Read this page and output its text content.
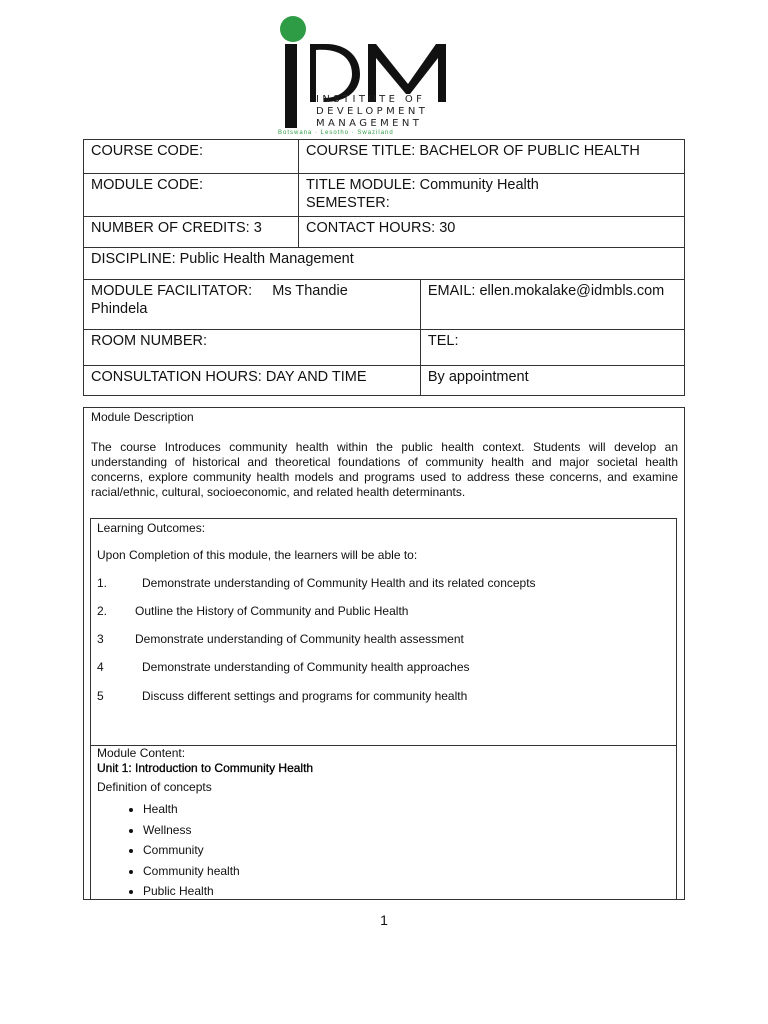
INSTITUTE OF
DEVELOPMENT
MANAGEMENT
Botswana · Lesotho · Swaziland
COURSE CODE:	COURSE TITLE: BACHELOR OF PUBLIC HEALTH	
MODULE CODE:	TITLE MODULE: Community Health
SEMESTER:	

NUMBER OF CREDITS: 3	CONTACT HOURS: 30	
DISCIPLINE: Public Health Management		

MODULE FACILITATOR:     Ms Thandie
Phindela		EMAIL: ellen.mokalake@idmbls.com
ROOM NUMBER:		TEL:
CONSULTATION HOURS: DAY AND TIME		By appointment
Module Description
The course Introduces community health within the public health context. Students will develop an understanding of historical and theoretical foundations of community health and major societal health concerns, explore community health models and programs used to address these concerns, and examine racial/ethnic, cultural, socioeconomic, and related health determinants.
Learning Outcomes:
Upon Completion of this module, the learners will be able to:
1.	Demonstrate understanding of Community Health and its related concepts
2. Outline the History of Community and Public Health
3	Demonstrate understanding of Community health assessment
4	Demonstrate understanding of Community health approaches
5	Discuss different settings and programs for community health
Module Content:
Unit 1: Introduction to Community Health
Definition of concepts
• Health
• Wellness
• Community
• Community health
• Public Health
1
